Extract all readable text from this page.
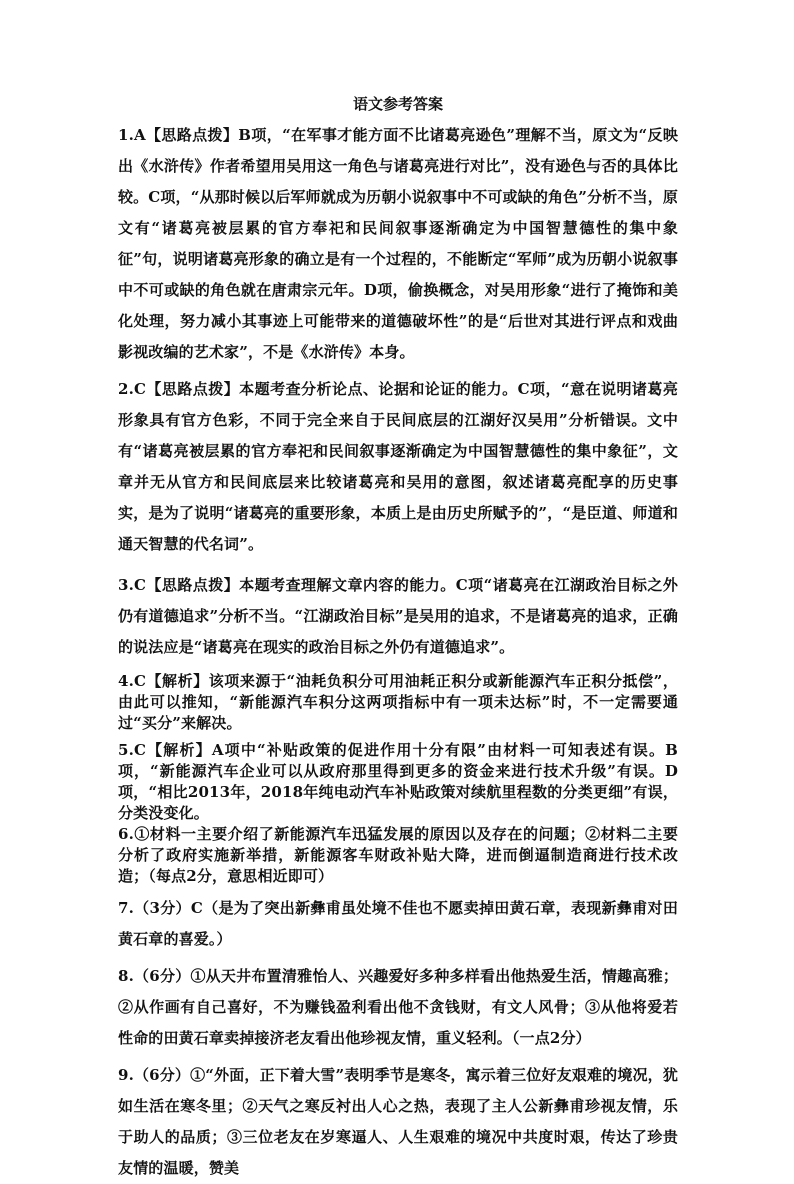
语文参考答案

1.A【思路点拨】B项，“在军事才能方面不比诸葛亮逊色”理解不当，原文为“反映出《水浒传》作者希望用吴用这一角色与诸葛亮进行对比”，没有逊色与否的具体比较。C项，“从那时候以后军师就成为历朝小说叙事中不可或缺的角色”分析不当，原文有“诸葛亮被层累的官方奉祀和民间叙事逐渐确定为中国智慧德性的集中象征”句，说明诸葛亮形象的确立是有一个过程的，不能断定“军师”成为历朝小说叙事中不可或缺的角色就在唐肃宗元年。D项，偷换概念，对吴用形象“进行了掩饰和美化处理，努力减小其事迹上可能带来的道德破坏性”的是“后世对其进行评点和戏曲影视改编的艺术家”，不是《水浒传》本身。

2.C【思路点拨】本题考查分析论点、论据和论证的能力。C项，“意在说明诸葛亮形象具有官方色彩，不同于完全来自于民间底层的江湖好汉吴用”分析错误。文中有“诸葛亮被层累的官方奉祀和民间叙事逐渐确定为中国智慧德性的集中象征”，文章并无从官方和民间底层来比较诸葛亮和吴用的意图，叙述诸葛亮配享的历史事实，是为了说明“诸葛亮的重要形象，本质上是由历史所赋予的”，“是臣道、师道和通天智慧的代名词”。

3.C【思路点拨】本题考查理解文章内容的能力。C项“诸葛亮在江湖政治目标之外仍有道德追求”分析不当。“江湖政治目标”是吴用的追求，不是诸葛亮的追求，正确的说法应是“诸葛亮在现实的政治目标之外仍有道德追求”。

4.C【解析】该项来源于“油耗负积分可用油耗正积分或新能源汽车正积分抵偿”，由此可以推知，“新能源汽车积分这两项指标中有一项未达标”时，不一定需要通过“买分”来解决。

5.C【解析】A项中“补贴政策的促进作用十分有限”由材料一可知表述有误。B项，“新能源汽车企业可以从政府那里得到更多的资金来进行技术升级”有误。D项，“相比2013年，2018年纯电动汽车补贴政策对续航里程数的分类更细”有误，分类没变化。

6.①材料一主要介绍了新能源汽车迅猛发展的原因以及存在的问题；②材料二主要分析了政府实施新举措，新能源客车财政补贴大降，进而倒逼制造商进行技术改造；（每点2分，意思相近即可）

7.（3分）C（是为了突出新彝甫虽处境不佳也不愿卖掉田黄石章，表现新彝甫对田黄石章的喜爱。）

8.（6分）①从天井布置清雅怡人、兴趣爱好多种多样看出他热爱生活，情趣高雅；②从作画有自己喜好，不为赚钱盈利看出他不贪钱财，有文人风骨；③从他将爱若性命的田黄石章卖掉接济老友看出他珍视友情，重义轻利。（一点2分）

9.（6分）①“外面，正下着大雪”表明季节是寒冬，寓示着三位好友艰难的境况，犹如生活在寒冬里；②天气之寒反衬出人心之热，表现了主人公新彝甫珍视友情，乐于助人的品质；③三位老友在岁寒逼人、人生艰难的境况中共度时艰，传达了珍贵友情的温暖，赞美
